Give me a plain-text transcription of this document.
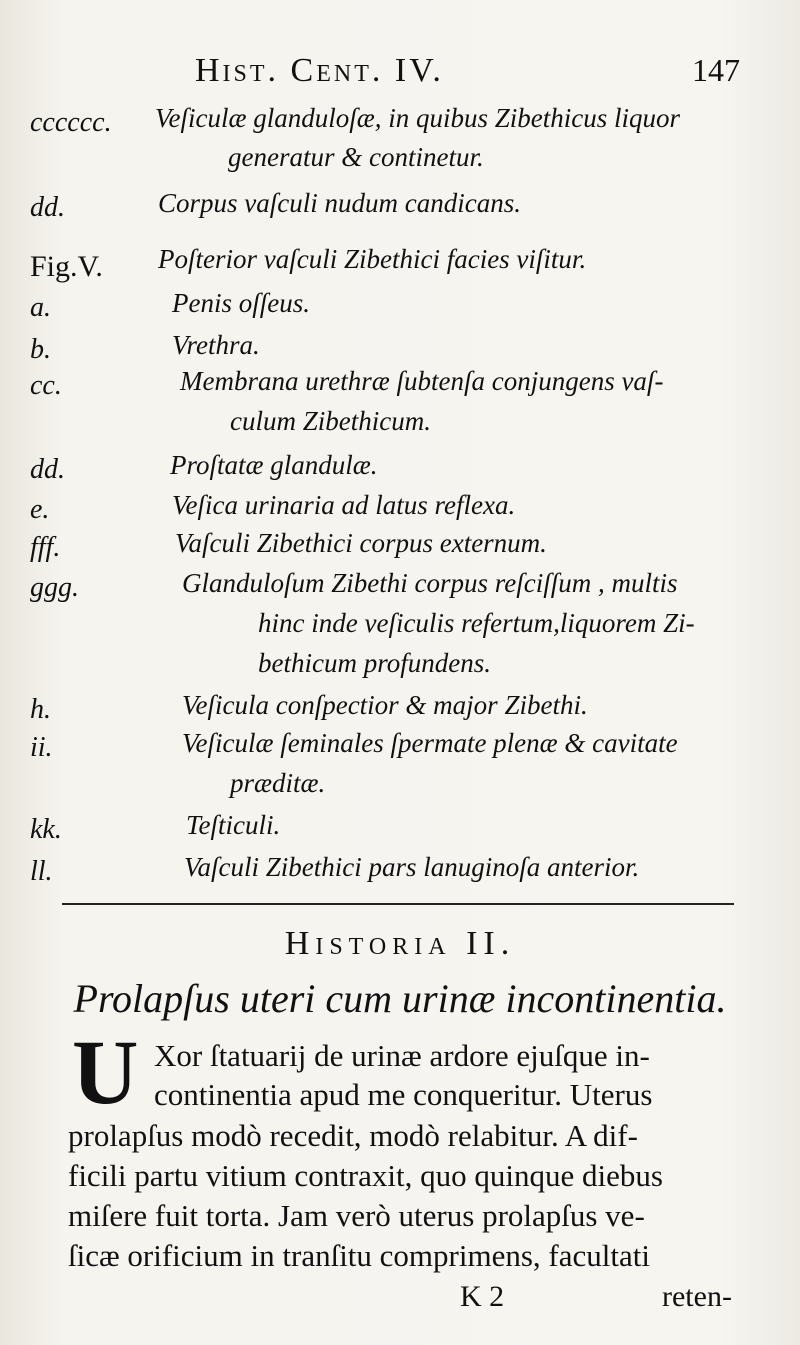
Hist. Cent. IV.	147
cccccc. Veſiculæ glanduloſæ, in quibus Zibethicus liquor
generatur & continetur.
dd.	Corpus vaſculi nudum candicans.
Fig.V. Poſterior vaſculi Zibethici facies viſitur.
a.	Penis oſſeus.
b.	Vrethra.
cc.	Membrana urethræ ſubtenſa conjungens vaſ-
culum Zibethicum.
dd.	Proſtatæ glandulæ.
e.	Veſica urinaria ad latus reflexa.
fff.	Vaſculi Zibethici corpus externum.
ggg.	Glanduloſum Zibethi corpus reſciſſum , multis
hinc inde veſiculis refertum,liquorem Zi-
bethicum profundens.
h.	Veſicula conſpectior & major Zibethi.
ii.	Veſiculæ ſeminales ſpermate plenæ & cavitate
præditæ.
kk.	Teſticuli.
ll.	Vaſculi Zibethici pars lanuginoſa anterior.
Historia II.
Prolapſus uteri cum urinæ incontinentia.
U Xor ſtatuarij de urinæ ardore ejuſque in-
continentia apud me conqueritur. Uterus
prolapſus modò recedit, modò relabitur. A dif-
ficili partu vitium contraxit, quo quinque diebus
miſere fuit torta. Jam verò uterus prolapſus ve-
ſicæ orificium in tranſitu comprimens, facultati
K 2	reten-
